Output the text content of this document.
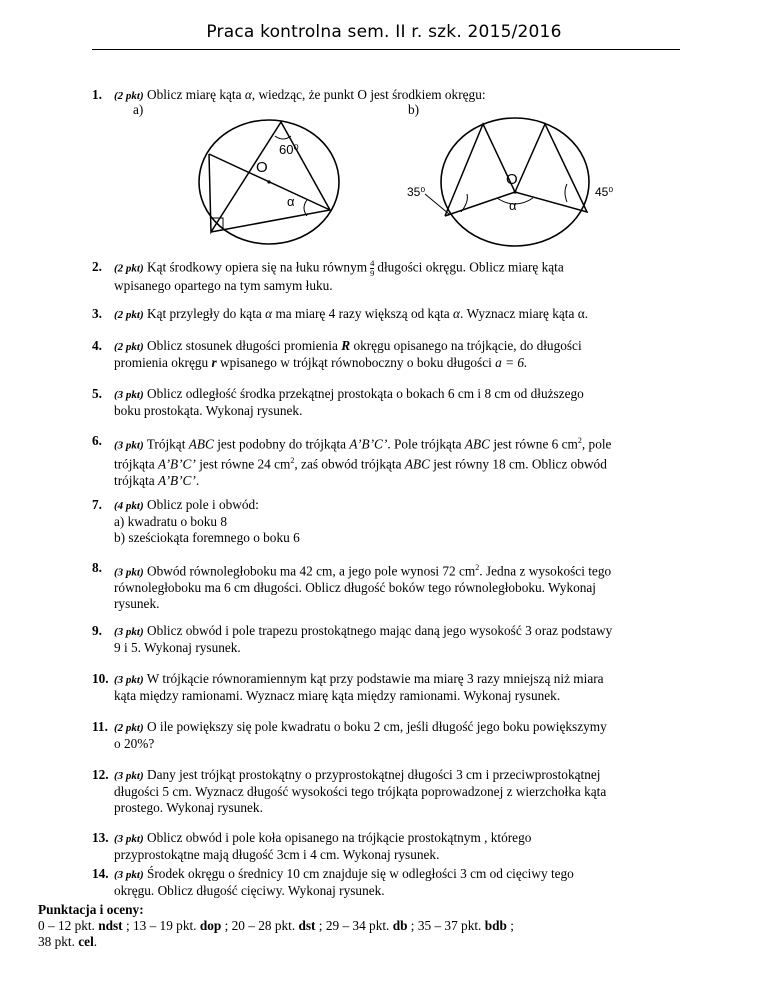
Praca kontrolna sem. II r. szk. 2015/2016
1. (2 pkt) Oblicz miarę kąta α, wiedząc, że punkt O jest środkiem okręgu:
a)	b)
60⁰
O
α
O
α
35⁰	45⁰
2. (2 pkt) Kąt środkowy opiera się na łuku równym $\frac{4}{9}$ długości okręgu. Oblicz miarę kąta
wpisanego opartego na tym samym łuku.
3. (2 pkt) Kąt przyległy do kąta α ma miarę 4 razy większą od kąta α. Wyznacz miarę kąta α.
4. (2 pkt) Oblicz stosunek długości promienia R okręgu opisanego na trójkącie, do długości
promienia okręgu r wpisanego w trójkąt równoboczny o boku długości a = 6.
5. (3 pkt) Oblicz odległość środka przekątnej prostokąta o bokach 6 cm i 8 cm od dłuższego
boku prostokąta. Wykonaj rysunek.
6. (3 pkt) Trójkąt ABC jest podobny do trójkąta A’B’C’. Pole trójkąta ABC jest równe 6 $cm^2$, pole
trójkąta A’B’C’ jest równe 24 $cm^2$, zaś obwód trójkąta ABC jest równy 18 cm. Oblicz obwód
trójkąta A’B’C’.
7. (4 pkt) Oblicz pole i obwód:
a) kwadratu o boku 8
b) sześciokąta foremnego o boku 6
8. (3 pkt) Obwód równoległoboku ma 42 cm, a jego pole wynosi 72 $cm^2$. Jedna z wysokości tego
równoległoboku ma 6 cm długości. Oblicz długość boków tego równoległoboku. Wykonaj
rysunek.
9. (3 pkt) Oblicz obwód i pole trapezu prostokątnego mając daną jego wysokość 3 oraz podstawy
9 i 5. Wykonaj rysunek.
10. (3 pkt) W trójkącie równoramiennym kąt przy podstawie ma miarę 3 razy mniejszą niż miara
kąta między ramionami. Wyznacz miarę kąta między ramionami. Wykonaj rysunek.
11. (2 pkt) O ile powiększy się pole kwadratu o boku 2 cm, jeśli długość jego boku powiększymy
o 20%?
12. (3 pkt) Dany jest trójkąt prostokątny o przyprostokątnej długości 3 cm i przeciwprostokątnej
długości 5 cm. Wyznacz długość wysokości tego trójkąta poprowadzonej z wierzchołka kąta
prostego. Wykonaj rysunek.
13. (3 pkt) Oblicz obwód i pole koła opisanego na trójkącie prostokątnym , którego
przyprostokątne mają długość 3cm i 4 cm. Wykonaj rysunek.
14. (3 pkt) Środek okręgu o średnicy 10 cm znajduje się w odległości 3 cm od cięciwy tego
okręgu. Oblicz długość cięciwy. Wykonaj rysunek.
Punktacja i oceny:
0 – 12 pkt. ndst ; 13 – 19 pkt. dop ; 20 – 28 pkt. dst ; 29 – 34 pkt. db ; 35 – 37 pkt. bdb ;
38 pkt. cel.
